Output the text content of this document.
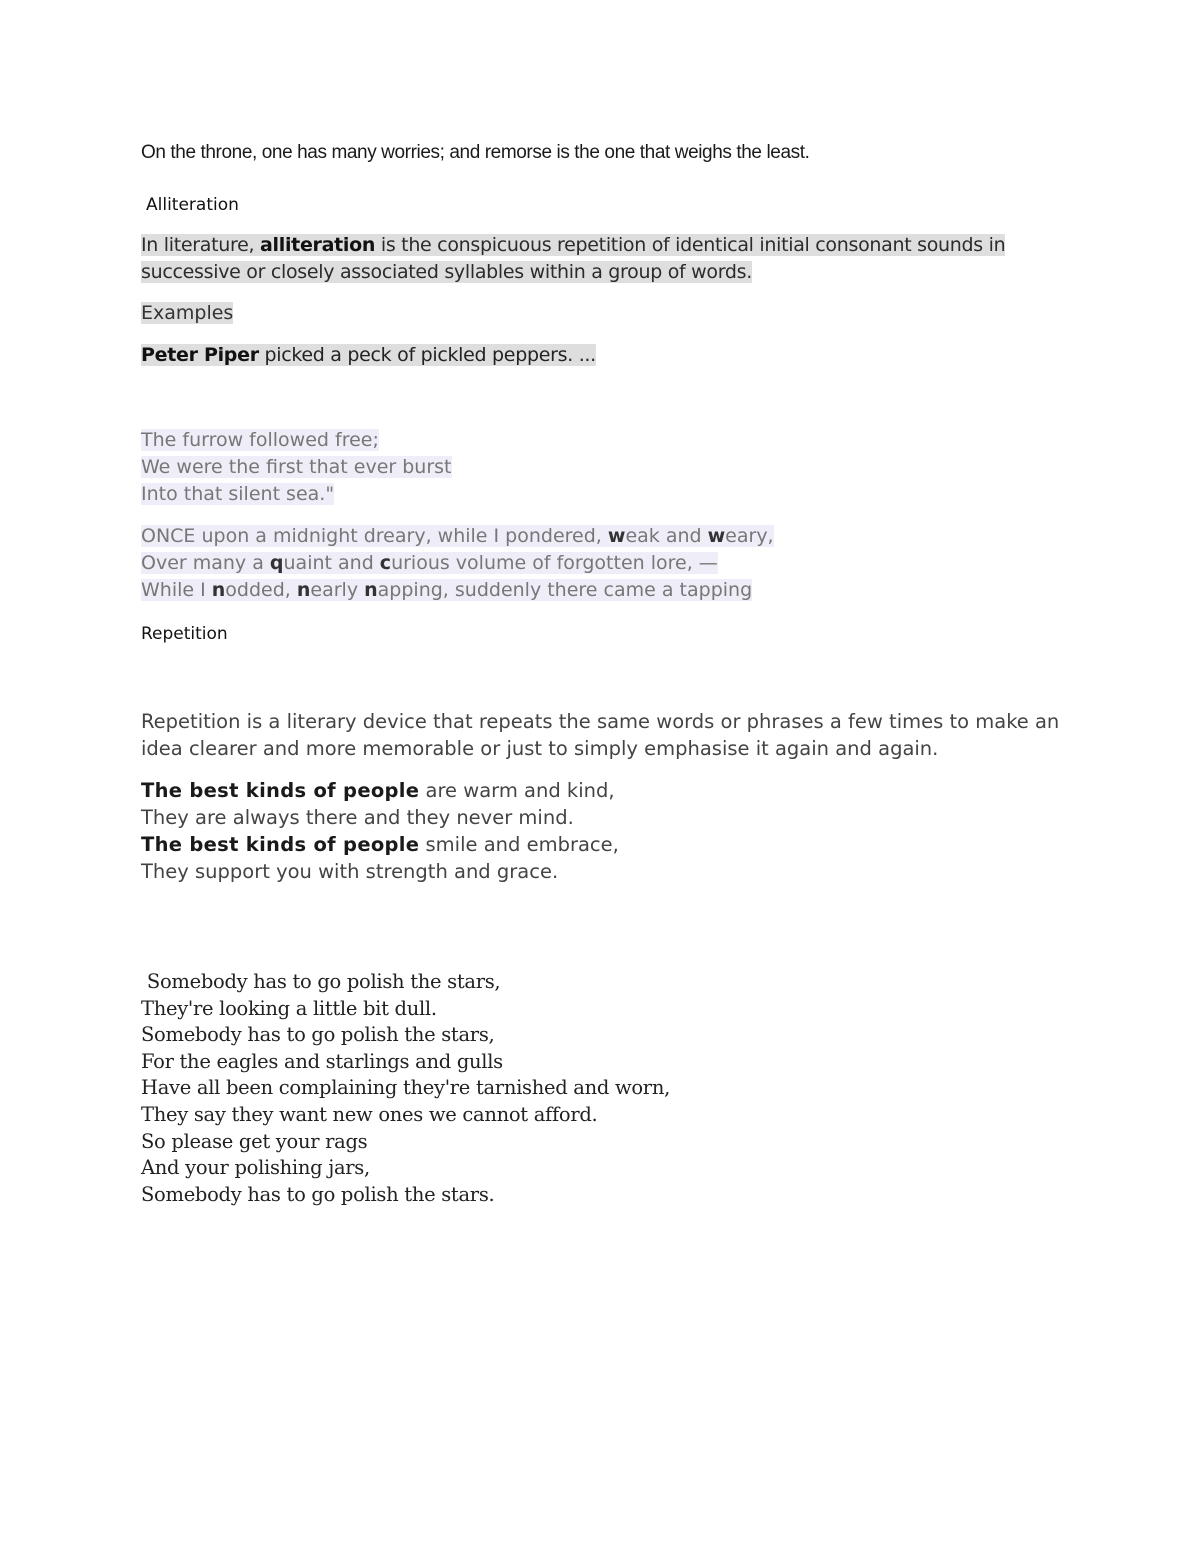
On the throne, one has many worries; and remorse is the one that weighs the least.

Alliteration

In literature, alliteration is the conspicuous repetition of identical initial consonant sounds in
successive or closely associated syllables within a group of words.
Examples
Peter Piper picked a peck of pickled peppers. ...
The furrow followed free;
We were the first that ever burst
Into that silent sea."
ONCE upon a midnight dreary, while I pondered, weak and weary,
Over many a quaint and curious volume of forgotten lore, —
While I nodded, nearly napping, suddenly there came a tapping

Repetition

Repetition is a literary device that repeats the same words or phrases a few times to make an
idea clearer and more memorable or just to simply emphasise it again and again.
The best kinds of people are warm and kind,
They are always there and they never mind.
The best kinds of people smile and embrace,
They support you with strength and grace.
Somebody has to go polish the stars,
They're looking a little bit dull.
Somebody has to go polish the stars,
For the eagles and starlings and gulls
Have all been complaining they're tarnished and worn,
They say they want new ones we cannot afford.
So please get your rags
And your polishing jars,
Somebody has to go polish the stars.
